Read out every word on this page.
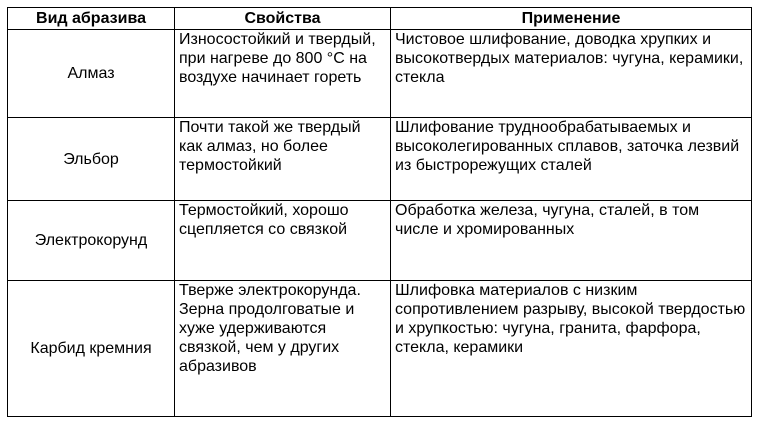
Вид абразива	Свойства	Применение

Алмаз	Износостойкий и твердый, при нагреве до 800 °С на воздухе начинает гореть	Чистовое шлифование, доводка хрупких и высокотвердых материалов: чугуна, керамики, стекла

Эльбор	Почти такой же твердый как алмаз, но более термостойкий	Шлифование труднообрабатываемых и высоколегированных сплавов, заточка лезвий из быстрорежущих сталей

Электрокорунд	Термостойкий, хорошо сцепляется со связкой	Обработка железа, чугуна, сталей, в том числе и хромированных

Карбид кремния	Тверже электрокорунда. Зерна продолговатые и хуже удерживаются связкой, чем у других абразивов	Шлифовка материалов с низким сопротивлением разрыву, высокой твердостью и хрупкостью: чугуна, гранита, фарфора, стекла, керамики
